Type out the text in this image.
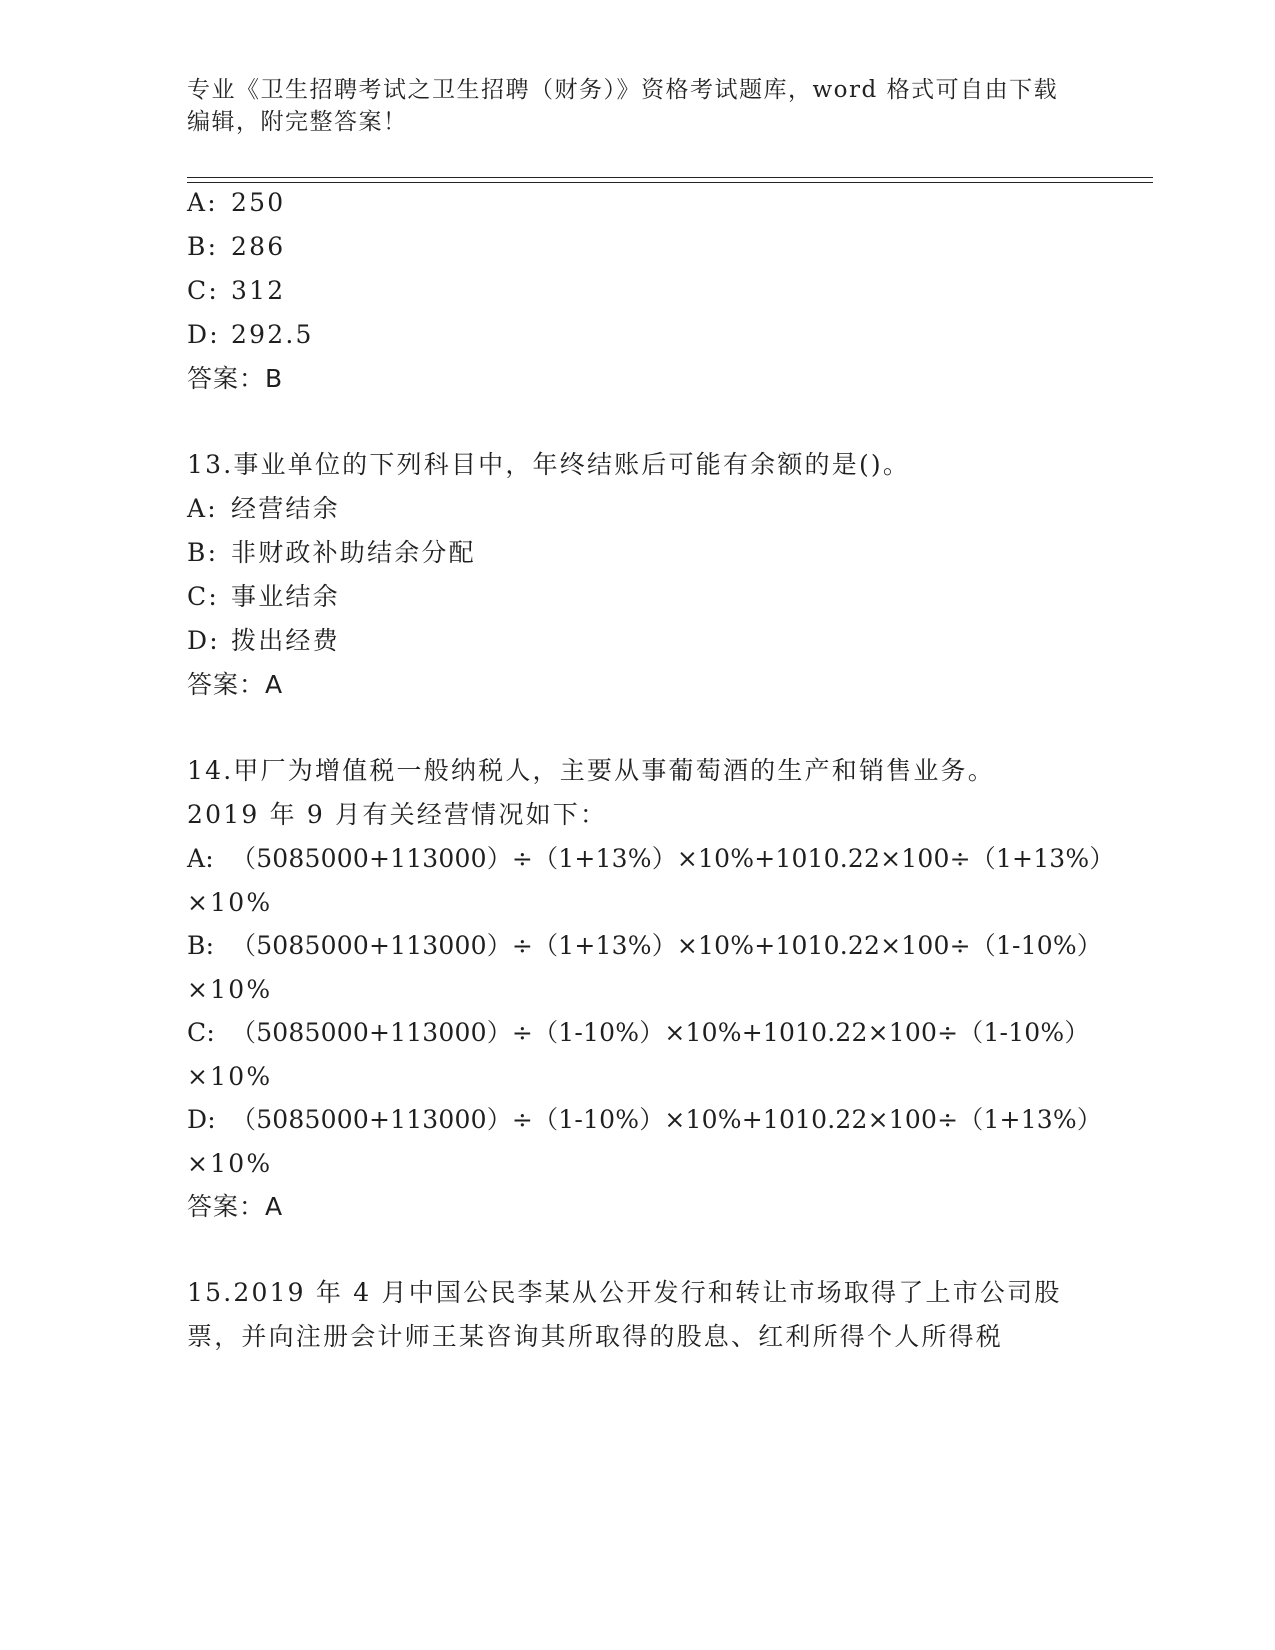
专业《卫生招聘考试之卫生招聘（财务）》资格考试题库，word 格式可自由下载
编辑，附完整答案！
A: 250
B: 286
C: 312
D: 292.5
答案：B
13.事业单位的下列科目中，年终结账后可能有余额的是()。
A: 经营结余
B: 非财政补助结余分配
C: 事业结余
D: 拨出经费
答案：A
14.甲厂为增值税一般纳税人，主要从事葡萄酒的生产和销售业务。
2019 年 9 月有关经营情况如下：
A: （5085000+113000）÷（1+13%）×10%+1010.22×100÷（1+13%）
×10%
B: （5085000+113000）÷（1+13%）×10%+1010.22×100÷（1-10%）
×10%
C: （5085000+113000）÷（1-10%）×10%+1010.22×100÷（1-10%）
×10%
D: （5085000+113000）÷（1-10%）×10%+1010.22×100÷（1+13%）
×10%
答案：A
15.2019 年 4 月中国公民李某从公开发行和转让市场取得了上市公司股
票，并向注册会计师王某咨询其所取得的股息、红利所得个人所得税
